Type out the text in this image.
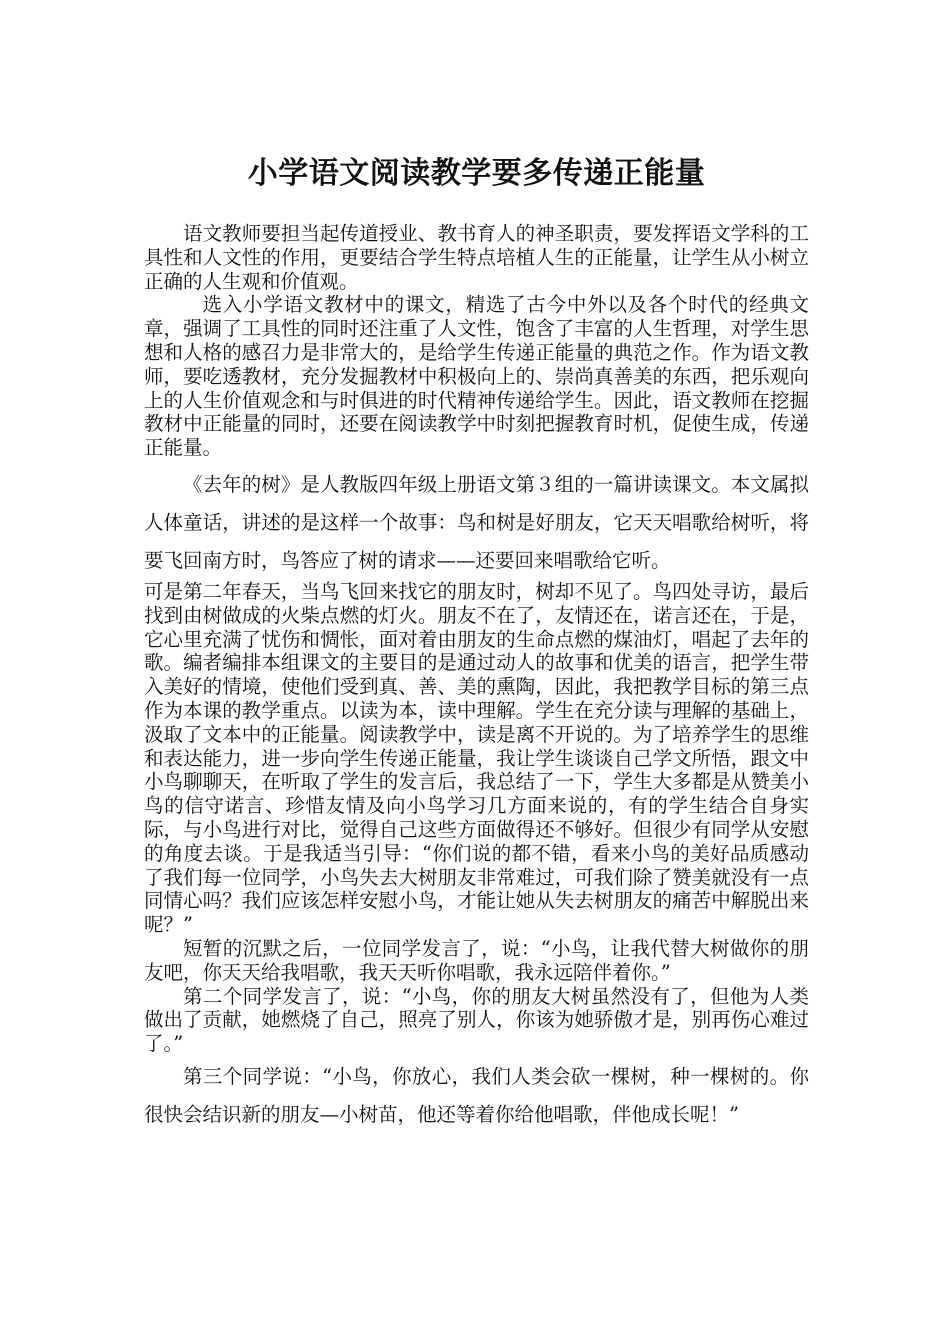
小学语文阅读教学要多传递正能量

语文教师要担当起传道授业、教书育人的神圣职责，要发挥语文学科的工具性和人文性的作用，更要结合学生特点培植人生的正能量，让学生从小树立正确的人生观和价值观。

选入小学语文教材中的课文，精选了古今中外以及各个时代的经典文章，强调了工具性的同时还注重了人文性，饱含了丰富的人生哲理，对学生思想和人格的感召力是非常大的，是给学生传递正能量的典范之作。作为语文教师，要吃透教材，充分发掘教材中积极向上的、崇尚真善美的东西，把乐观向上的人生价值观念和与时俱进的时代精神传递给学生。因此，语文教师在挖掘教材中正能量的同时，还要在阅读教学中时刻把握教育时机，促使生成，传递正能量。

《去年的树》是人教版四年级上册语文第３组的一篇讲读课文。本文属拟人体童话，讲述的是这样一个故事：鸟和树是好朋友，它天天唱歌给树听，将要飞回南方时，鸟答应了树的请求——还要回来唱歌给它听。

可是第二年春天，当鸟飞回来找它的朋友时，树却不见了。鸟四处寻访，最后找到由树做成的火柴点燃的灯火。朋友不在了，友情还在，诺言还在，于是，它心里充满了忧伤和惆怅，面对着由朋友的生命点燃的煤油灯，唱起了去年的歌。编者编排本组课文的主要目的是通过动人的故事和优美的语言，把学生带入美好的情境，使他们受到真、善、美的熏陶，因此，我把教学目标的第三点作为本课的教学重点。以读为本，读中理解。学生在充分读与理解的基础上，汲取了文本中的正能量。阅读教学中，读是离不开说的。为了培养学生的思维和表达能力，进一步向学生传递正能量，我让学生谈谈自己学文所悟，跟文中小鸟聊聊天，在听取了学生的发言后，我总结了一下，学生大多都是从赞美小鸟的信守诺言、珍惜友情及向小鸟学习几方面来说的，有的学生结合自身实际，与小鸟进行对比，觉得自己这些方面做得还不够好。但很少有同学从安慰的角度去谈。于是我适当引导：“你们说的都不错，看来小鸟的美好品质感动了我们每一位同学，小鸟失去大树朋友非常难过，可我们除了赞美就没有一点同情心吗？我们应该怎样安慰小鸟，才能让她从失去树朋友的痛苦中解脱出来呢？”

短暂的沉默之后，一位同学发言了，说：“小鸟，让我代替大树做你的朋友吧，你天天给我唱歌，我天天听你唱歌，我永远陪伴着你。”

第二个同学发言了，说：“小鸟，你的朋友大树虽然没有了，但他为人类做出了贡献，她燃烧了自己，照亮了别人，你该为她骄傲才是，别再伤心难过了。”

第三个同学说：“小鸟，你放心，我们人类会砍一棵树，种一棵树的。你很快会结识新的朋友—小树苗，他还等着你给他唱歌，伴他成长呢！”
